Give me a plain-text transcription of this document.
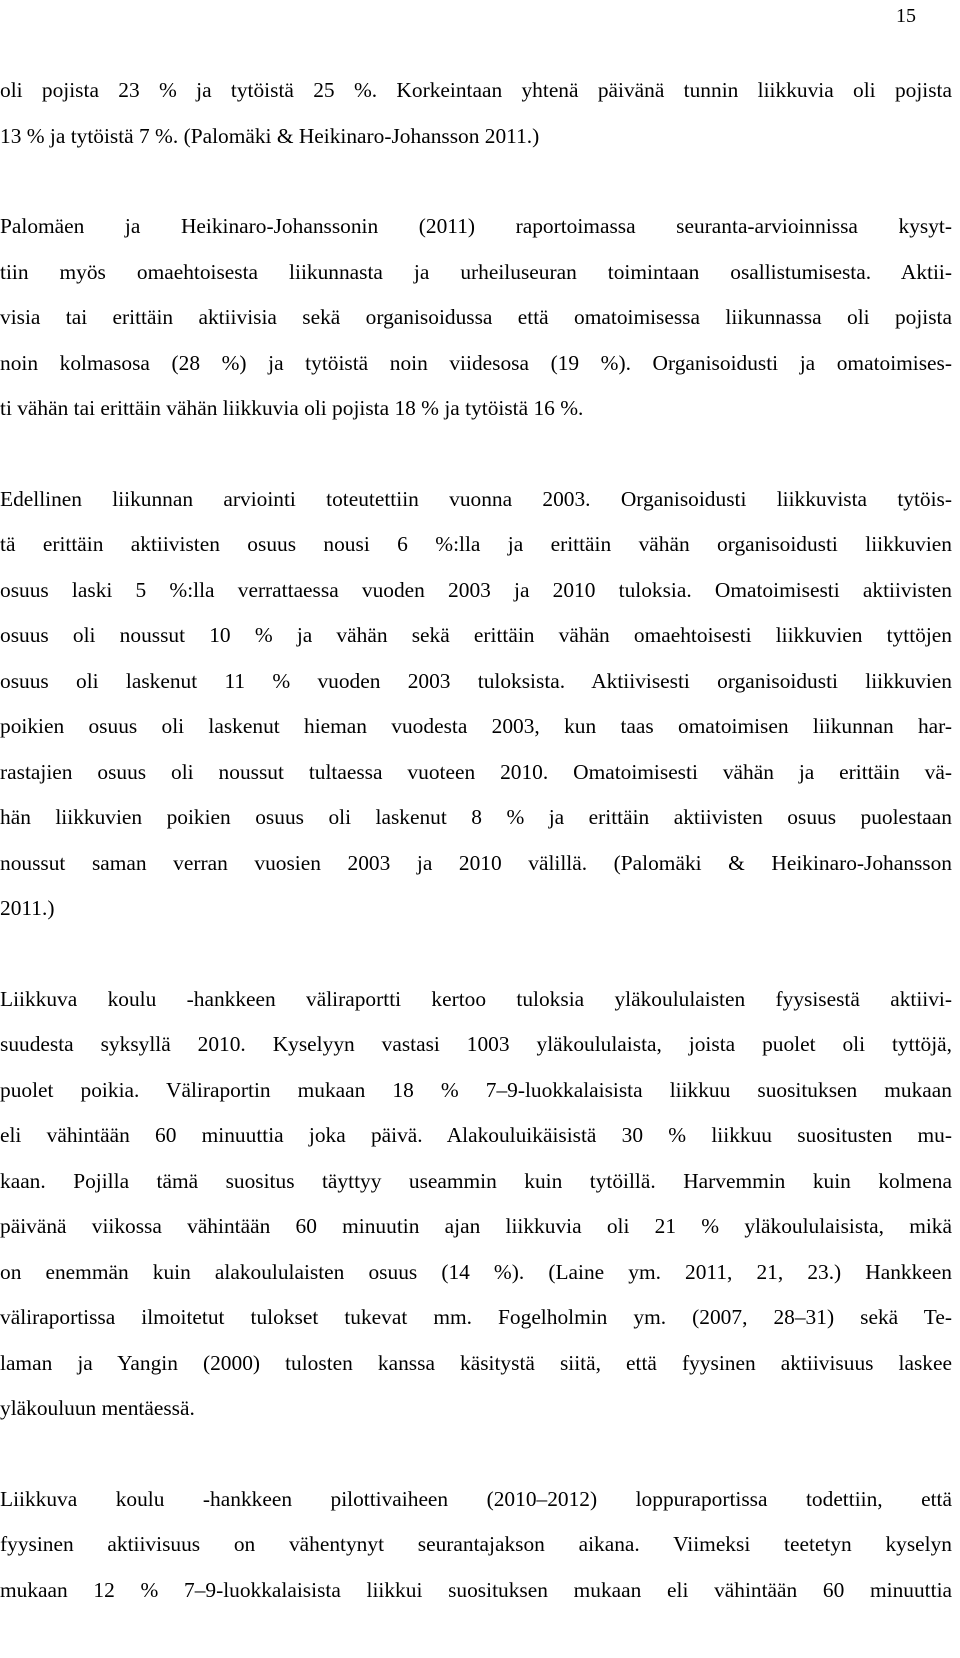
15

oli pojista 23 % ja tytöistä 25 %. Korkeintaan yhtenä päivänä tunnin liikkuvia oli pojista
13 % ja tytöistä 7 %. (Palomäki & Heikinaro-Johansson 2011.)

Palomäen ja Heikinaro-Johanssonin (2011) raportoimassa seuranta-arvioinnissa kysyt-
tiin myös omaehtoisesta liikunnasta ja urheiluseuran toimintaan osallistumisesta. Aktii-
visia tai erittäin aktiivisia sekä organisoidussa että omatoimisessa liikunnassa oli pojista
noin kolmasosa (28 %) ja tytöistä noin viidesosa (19 %). Organisoidusti ja omatoimises-
ti vähän tai erittäin vähän liikkuvia oli pojista 18 % ja tytöistä 16 %.

Edellinen liikunnan arviointi toteutettiin vuonna 2003. Organisoidusti liikkuvista tytöis-
tä erittäin aktiivisten osuus nousi 6 %:lla ja erittäin vähän organisoidusti liikkuvien
osuus laski 5 %:lla verrattaessa vuoden 2003 ja 2010 tuloksia. Omatoimisesti aktiivisten
osuus oli noussut 10 % ja vähän sekä erittäin vähän omaehtoisesti liikkuvien tyttöjen
osuus oli laskenut 11 % vuoden 2003 tuloksista. Aktiivisesti organisoidusti liikkuvien
poikien osuus oli laskenut hieman vuodesta 2003, kun taas omatoimisen liikunnan har-
rastajien osuus oli noussut tultaessa vuoteen 2010. Omatoimisesti vähän ja erittäin vä-
hän liikkuvien poikien osuus oli laskenut 8 % ja erittäin aktiivisten osuus puolestaan
noussut saman verran vuosien 2003 ja 2010 välillä. (Palomäki & Heikinaro-Johansson
2011.)

Liikkuva koulu -hankkeen väliraportti kertoo tuloksia yläkoululaisten fyysisestä aktiivi-
suudesta syksyllä 2010. Kyselyyn vastasi 1003 yläkoululaista, joista puolet oli tyttöjä,
puolet poikia. Väliraportin mukaan 18 % 7–9-luokkalaisista liikkuu suosituksen mukaan
eli vähintään 60 minuuttia joka päivä. Alakouluikäisistä 30 % liikkuu suositusten mu-
kaan. Pojilla tämä suositus täyttyy useammin kuin tytöillä. Harvemmin kuin kolmena
päivänä viikossa vähintään 60 minuutin ajan liikkuvia oli 21 % yläkoululaisista, mikä
on enemmän kuin alakoululaisten osuus (14 %). (Laine ym. 2011, 21, 23.) Hankkeen
väliraportissa ilmoitetut tulokset tukevat mm. Fogelholmin ym. (2007, 28–31) sekä Te-
laman ja Yangin (2000) tulosten kanssa käsitystä siitä, että fyysinen aktiivisuus laskee
yläkouluun mentäessä.

Liikkuva koulu -hankkeen pilottivaiheen (2010–2012) loppuraportissa todettiin, että
fyysinen aktiivisuus on vähentynyt seurantajakson aikana. Viimeksi teetetyn kyselyn
mukaan 12 % 7–9-luokkalaisista liikkui suosituksen mukaan eli vähintään 60 minuuttia
